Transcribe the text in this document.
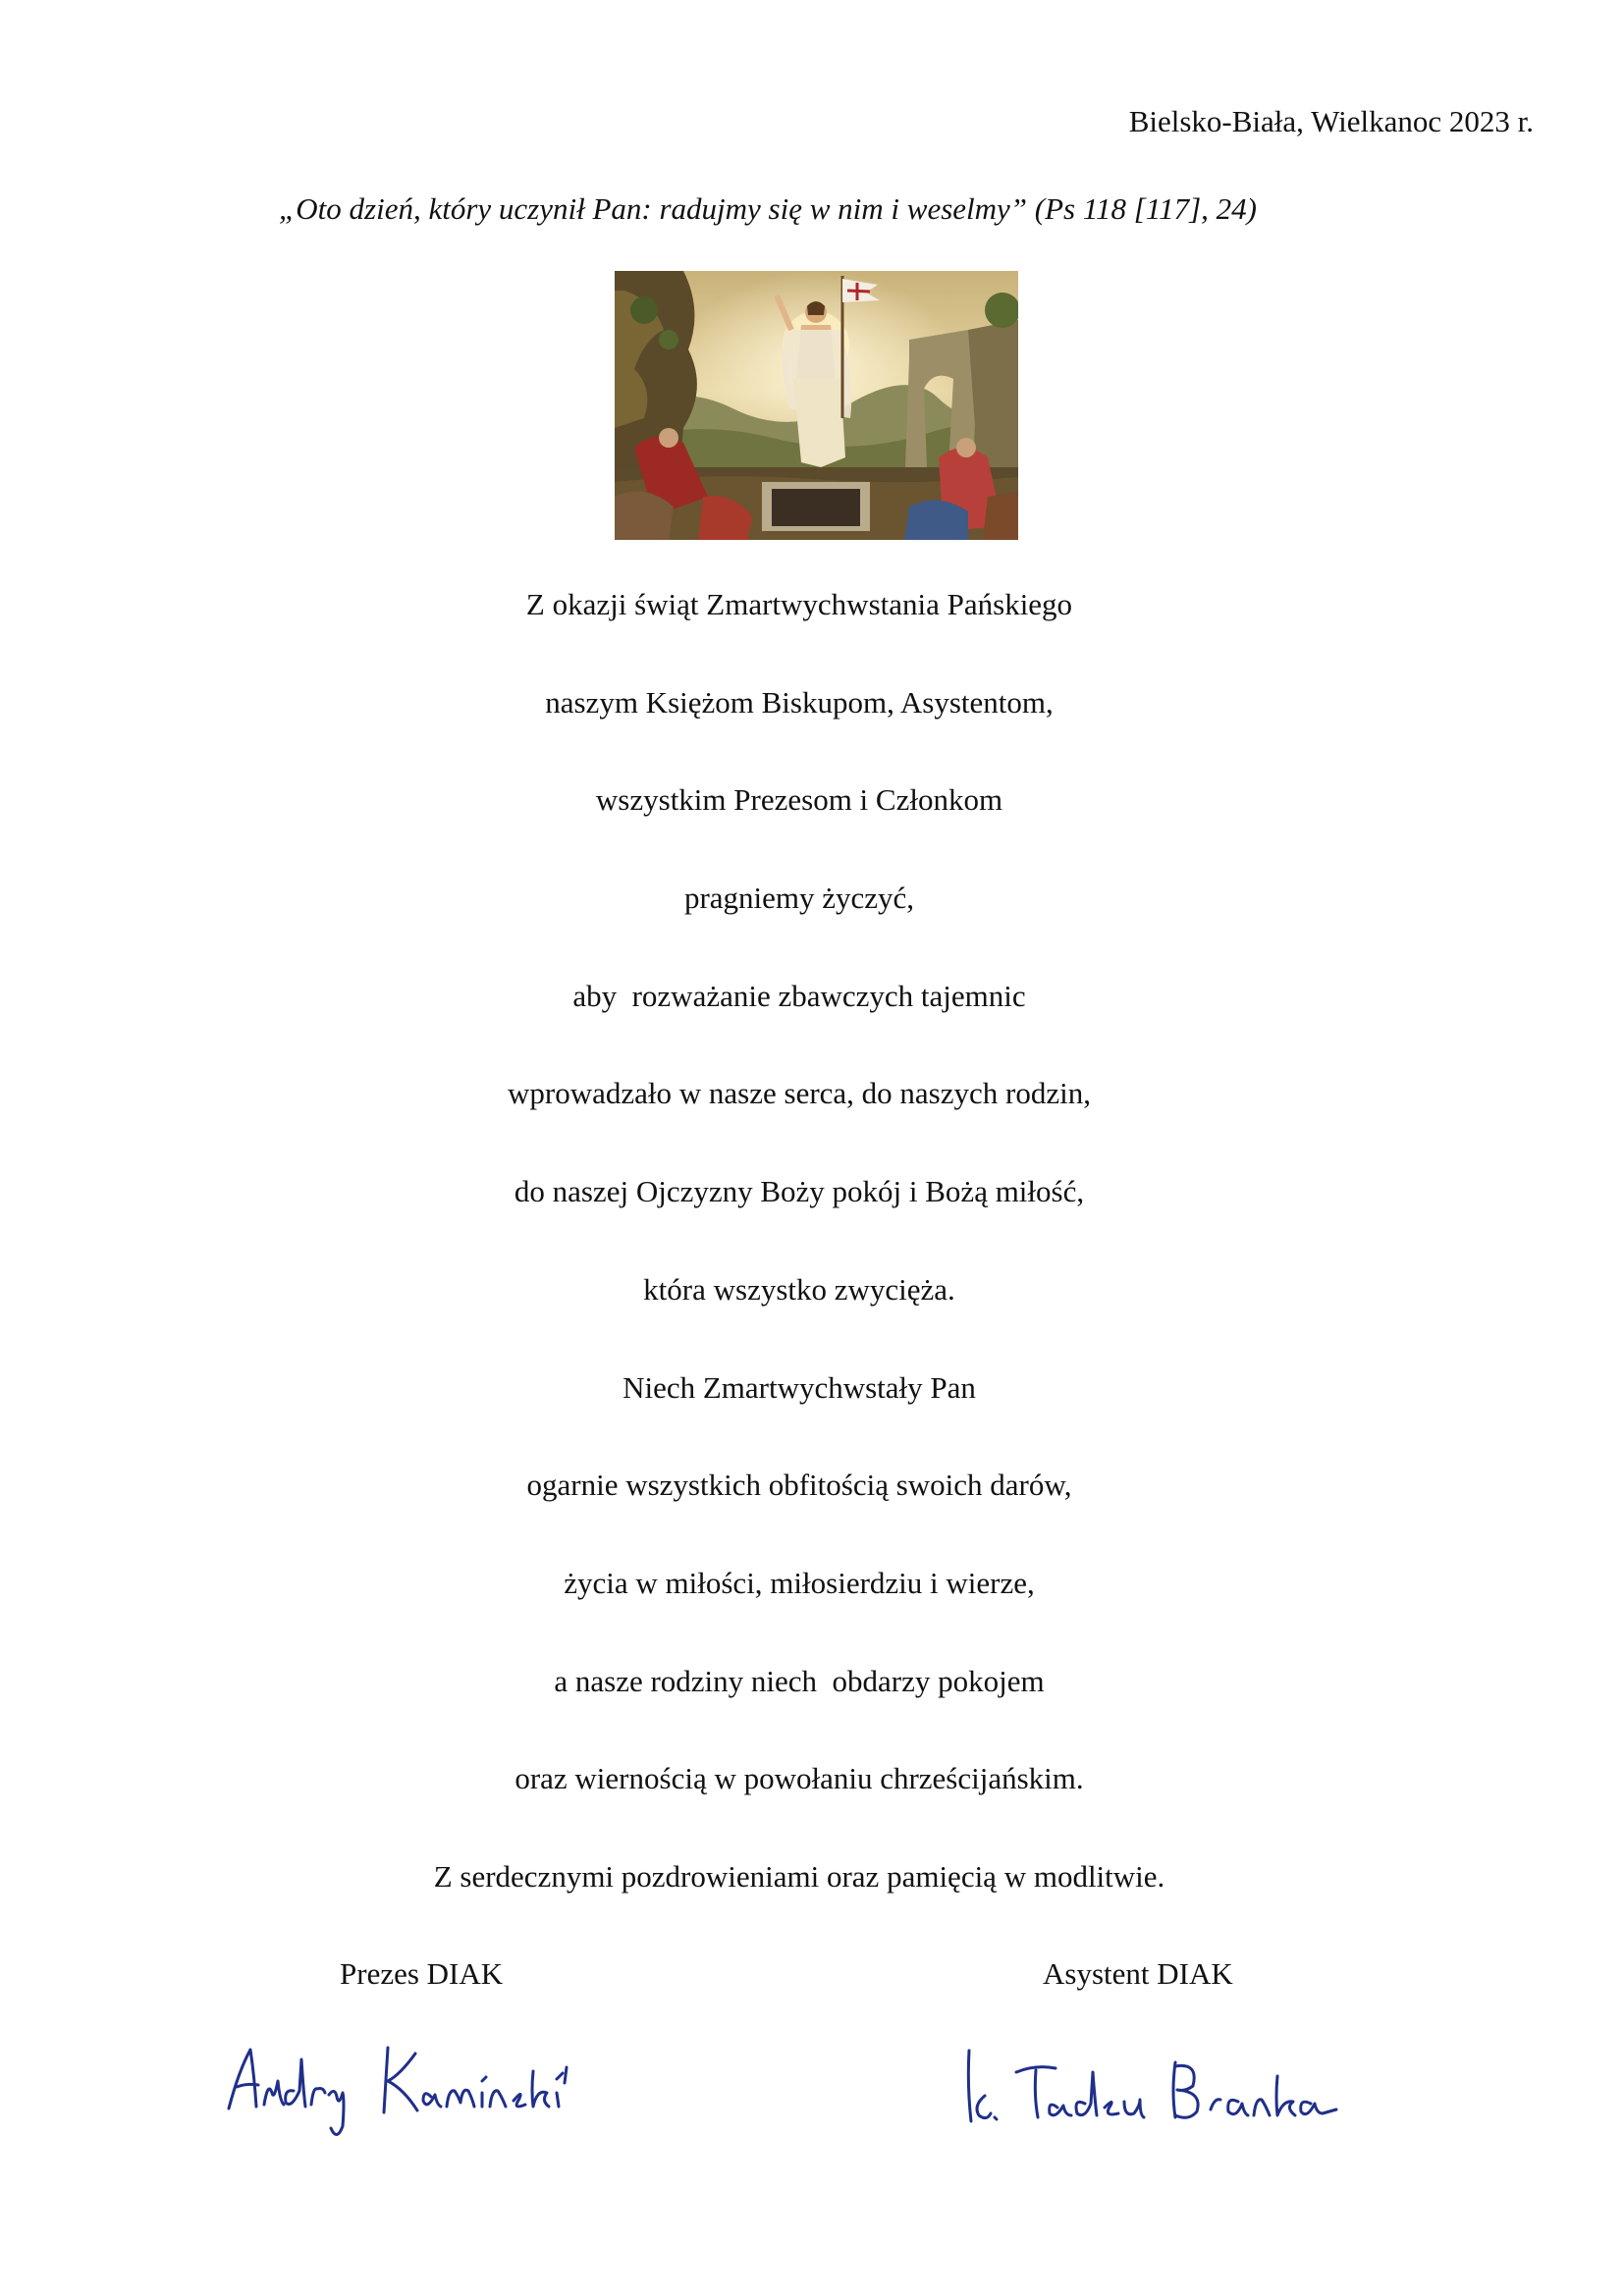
Bielsko-Biała, Wielkanoc 2023 r.
„Oto dzień, który uczynił Pan: radujmy się w nim i weselmy” (Ps 118 [117], 24)
Z okazji świąt Zmartwychwstania Pańskiego
naszym Księżom Biskupom, Asystentom,
wszystkim Prezesom i Członkom
pragniemy życzyć,
aby  rozważanie zbawczych tajemnic
wprowadzało w nasze serca, do naszych rodzin,
do naszej Ojczyzny Boży pokój i Bożą miłość,
która wszystko zwycięża.
Niech Zmartwychwstały Pan
ogarnie wszystkich obfitością swoich darów,
życia w miłości, miłosierdziu i wierze,
a nasze rodziny niech  obdarzy pokojem
oraz wiernością w powołaniu chrześcijańskim.
Z serdecznymi pozdrowieniami oraz pamięcią w modlitwie.
Prezes DIAK	Asystent DIAK
